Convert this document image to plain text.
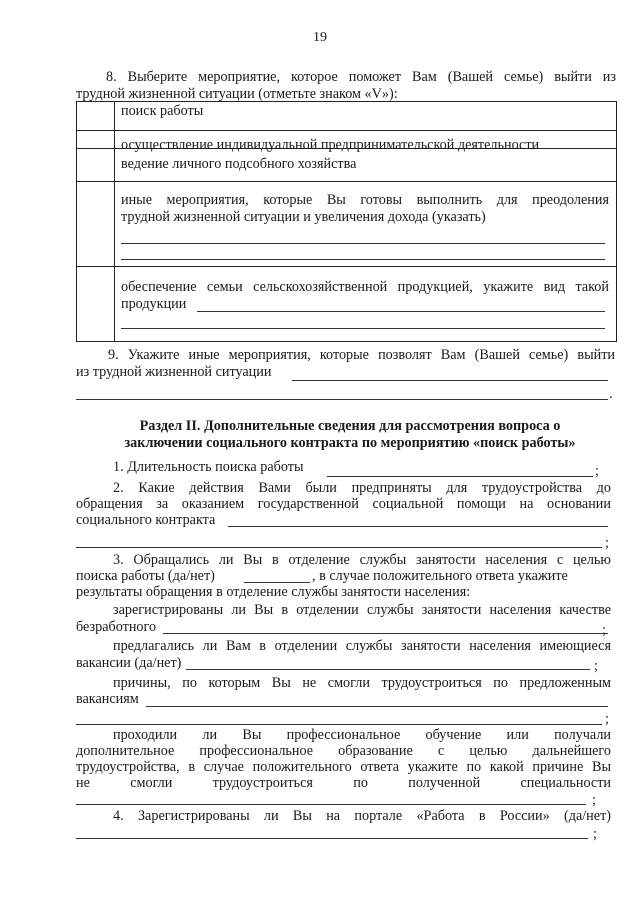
19
8. Выберите мероприятие, которое поможет Вам (Вашей семье) выйти из
трудной жизненной ситуации (отметьте знаком «V»):
поиск работы
осуществление индивидуальной предпринимательской деятельности
ведение личного подсобного хозяйства
иные мероприятия, которые Вы готовы выполнить для преодоления
трудной жизненной ситуации и увеличения дохода (указать)
обеспечение семьи сельскохозяйственной продукцией, укажите вид такой
продукции
9. Укажите иные мероприятия, которые позволят Вам (Вашей семье) выйти
из трудной жизненной ситуации
.
Раздел II. Дополнительные сведения для рассмотрения вопроса о
заключении социального контракта по мероприятию «поиск работы»
1. Длительность поиска работы	;
2. Какие действия Вами были предприняты для трудоустройства до
обращения за оказанием государственной социальной помощи на основании
социального контракта
;
3. Обращались ли Вы в отделение службы занятости населения с целью
поиска работы (да/нет)	, в случае положительного ответа укажите
результаты обращения в отделение службы занятости населения:
зарегистрированы ли Вы в отделении службы занятости населения качестве
безработного	;
предлагались ли Вам в отделении службы занятости населения имеющиеся
вакансии (да/нет)	;
причины, по которым Вы не смогли трудоустроиться по предложенным
вакансиям
;
проходили ли Вы профессиональное обучение или получали
дополнительное профессиональное образование с целью дальнейшего
трудоустройства, в случае положительного ответа укажите по какой причине Вы
не смогли трудоустроиться по полученной специальности
;
4. Зарегистрированы ли Вы на портале «Работа в России» (да/нет)
;
